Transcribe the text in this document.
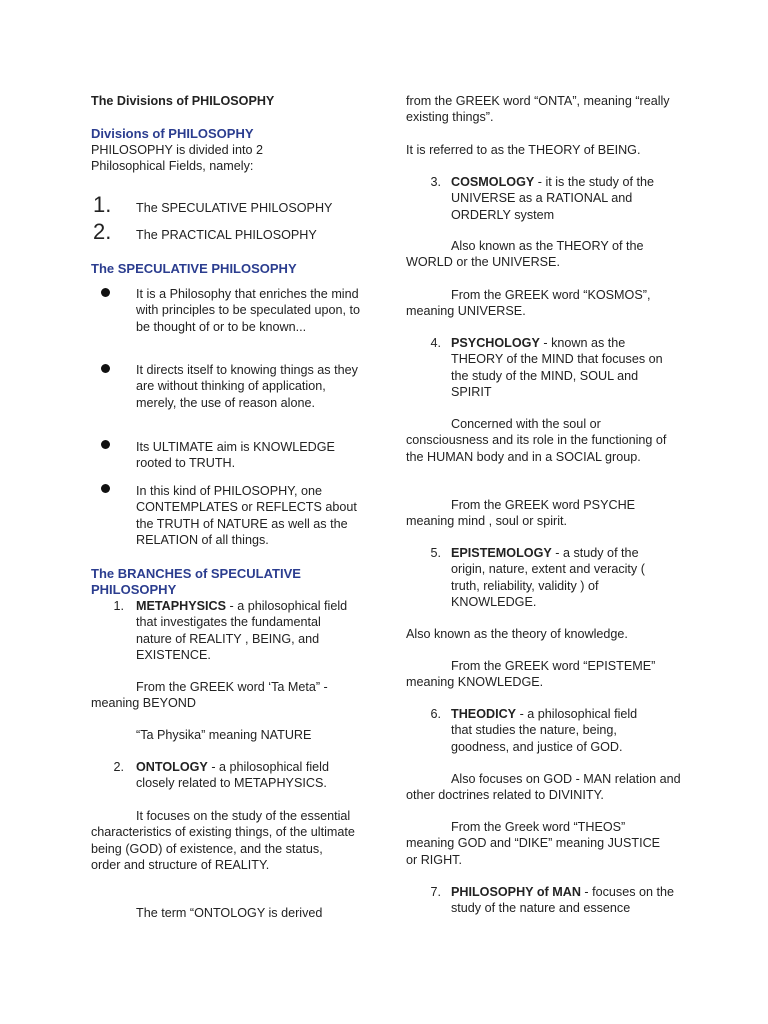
The Divisions of PHILOSOPHY

Divisions of PHILOSOPHY

PHILOSOPHY is divided into 2 Philosophical Fields, namely:

1. The SPECULATIVE PHILOSOPHY

2. The PRACTICAL PHILOSOPHY

The SPECULATIVE PHILOSOPHY

It is a Philosophy that enriches the mind with principles to be speculated upon, to be thought of or to be known...

It directs itself to knowing things as they are without thinking of application, merely, the use of reason alone.

Its ULTIMATE aim is KNOWLEDGE rooted to TRUTH.

In this kind of PHILOSOPHY, one CONTEMPLATES or REFLECTS about the TRUTH of NATURE as well as the RELATION of all things.

The BRANCHES of SPECULATIVE PHILOSOPHY

1. METAPHYSICS - a philosophical field that investigates the fundamental nature of REALITY , BEING, and EXISTENCE.

From the GREEK word ‘Ta Meta” - meaning BEYOND

“Ta Physika” meaning NATURE

2. ONTOLOGY - a philosophical field closely related to METAPHYSICS.

It focuses on the study of the essential characteristics of existing things, of the ultimate being (GOD) of existence, and the status, order and structure of REALITY.

The term “ONTOLOGY is derived

from the GREEK word “ONTA”, meaning “really existing things”.

It is referred to as the THEORY of BEING.

3. COSMOLOGY - it is the study of the UNIVERSE as a RATIONAL and ORDERLY system

Also known as the THEORY of the WORLD or the UNIVERSE.

From the GREEK word “KOSMOS”, meaning UNIVERSE.

4. PSYCHOLOGY - known as the THEORY of the MIND that focuses on the study of the MIND, SOUL and SPIRIT

Concerned with the soul or consciousness and its role in the functioning of the HUMAN body and in a SOCIAL group.

From the GREEK word PSYCHE meaning mind , soul or spirit.

5. EPISTEMOLOGY - a study of the origin, nature, extent and veracity ( truth, reliability, validity ) of KNOWLEDGE.

Also known as the theory of knowledge.

From the GREEK word “EPISTEME” meaning KNOWLEDGE.

6. THEODICY - a philosophical field that studies the nature, being, goodness, and justice of GOD.

Also focuses on GOD - MAN relation and other doctrines related to DIVINITY.

From the Greek word “THEOS” meaning GOD and “DIKE” meaning JUSTICE or RIGHT.

7. PHILOSOPHY of MAN - focuses on the study of the nature and essence
